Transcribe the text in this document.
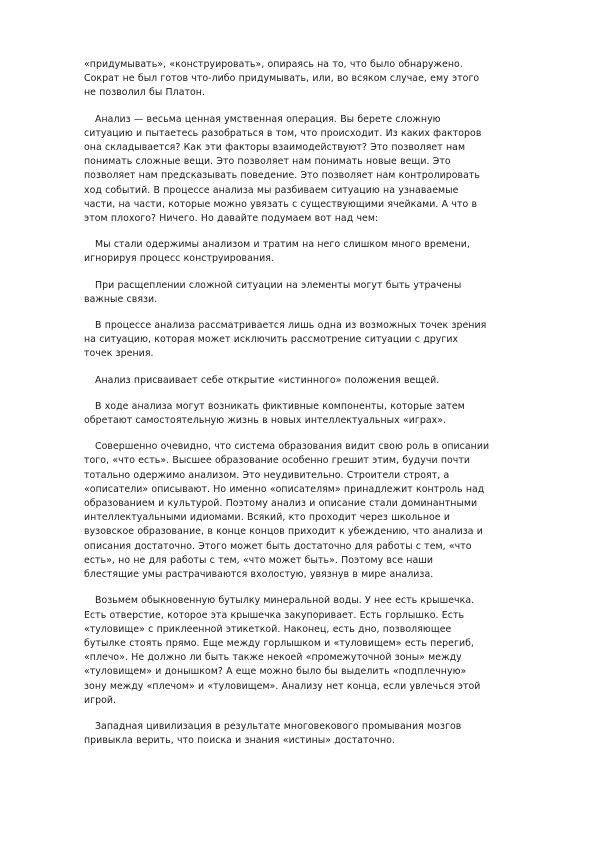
«придумывать», «конструировать», опираясь на то, что было обнаружено.
Сократ не был готов что-либо придумывать, или, во всяком случае, ему этого
не позволил бы Платон.

Анализ — весьма ценная умственная операция. Вы берете сложную
ситуацию и пытаетесь разобраться в том, что происходит. Из каких факторов
она складывается? Как эти факторы взаимодействуют? Это позволяет нам
понимать сложные вещи. Это позволяет нам понимать новые вещи. Это
позволяет нам предсказывать поведение. Это позволяет нам контролировать
ход событий. В процессе анализа мы разбиваем ситуацию на узнаваемые
части, на части, которые можно увязать с существующими ячейками. А что в
этом плохого? Ничего. Но давайте подумаем вот над чем:

Мы стали одержимы анализом и тратим на него слишком много времени,
игнорируя процесс конструирования.

При расщеплении сложной ситуации на элементы могут быть утрачены
важные связи.

В процессе анализа рассматривается лишь одна из возможных точек зрения
на ситуацию, которая может исключить рассмотрение ситуации с других
точек зрения.

Анализ присваивает себе открытие «истинного» положения вещей.

В ходе анализа могут возникать фиктивные компоненты, которые затем
обретают самостоятельную жизнь в новых интеллектуальных «играх».

Совершенно очевидно, что система образования видит свою роль в описании
того, «что есть». Высшее образование особенно грешит этим, будучи почти
тотально одержимо анализом. Это неудивительно. Строители строят, а
«описатели» описывают. Но именно «описателям» принадлежит контроль над
образованием и культурой. Поэтому анализ и описание стали доминантными
интеллектуальными идиомами. Всякий, кто проходит через школьное и
вузовское образование, в конце концов приходит к убеждению, что анализа и
описания достаточно. Этого может быть достаточно для работы с тем, «что
есть», но не для работы с тем, «что может быть». Поэтому все наши
блестящие умы растрачиваются вхолостую, увязнув в мире анализа.

Возьмем обыкновенную бутылку минеральной воды. У нее есть крышечка.
Есть отверстие, которое эта крышечка закупоривает. Есть горлышко. Есть
«туловище» с приклеенной этикеткой. Наконец, есть дно, позволяющее
бутылке стоять прямо. Еще между горлышком и «туловищем» есть перегиб,
«плечо». Не должно ли быть также некоей «промежуточной зоны» между
«туловищем» и донышком? А еще можно было бы выделить «подплечную»
зону между «плечом» и «туловищем». Анализу нет конца, если увлечься этой
игрой.

Западная цивилизация в результате многовекового промывания мозгов
привыкла верить, что поиска и знания «истины» достаточно.
